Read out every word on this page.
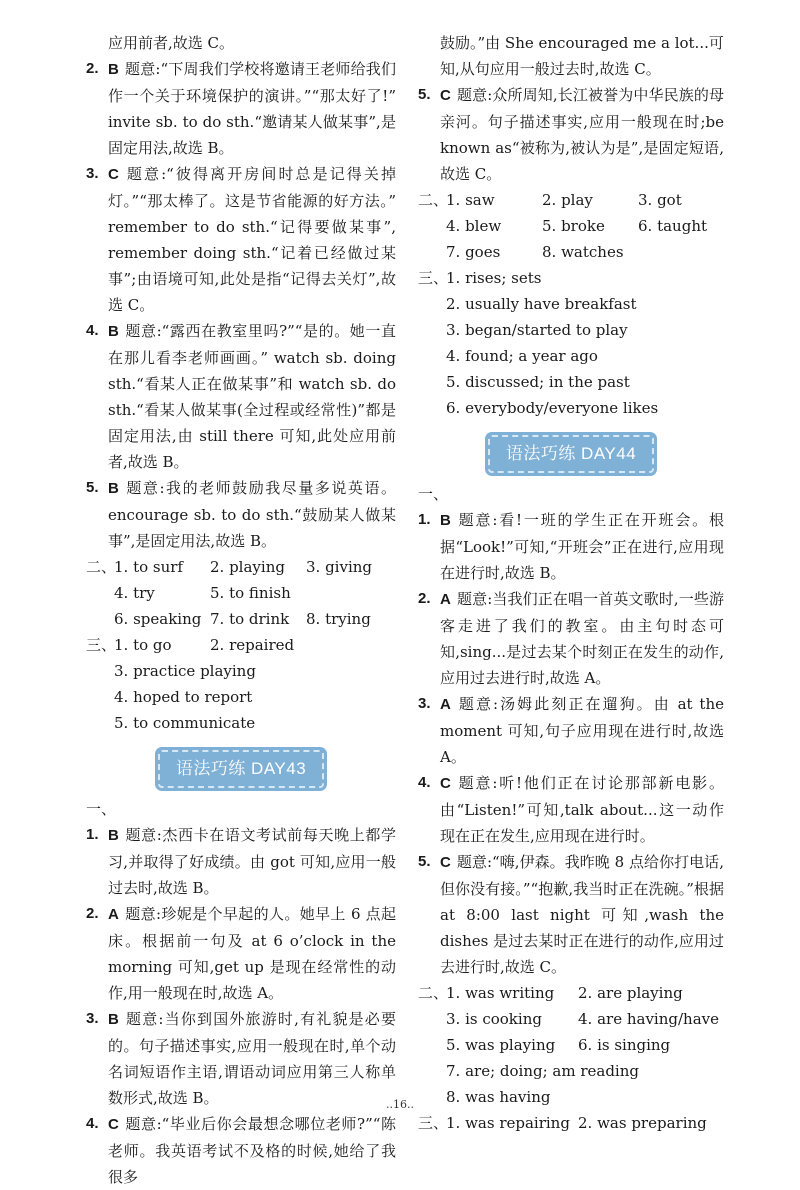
应用前者,故选 C。
2. B 题意:“下周我们学校将邀请王老师给我们作一个关于环境保护的演讲。”“那太好了!” invite sb. to do sth.“邀请某人做某事”,是固定用法,故选 B。
3. C 题意:“彼得离开房间时总是记得关掉灯。”“那太棒了。这是节省能源的好方法。” remember to do sth.“记得要做某事”, remember doing sth.“记着已经做过某事”;由语境可知,此处是指“记得去关灯”,故选 C。
4. B 题意:“露西在教室里吗?”“是的。她一直在那儿看李老师画画。” watch sb. doing sth.“看某人正在做某事”和 watch sb. do sth.“看某人做某事(全过程或经常性)”都是固定用法,由 still there 可知,此处应用前者,故选 B。
5. B 题意:我的老师鼓励我尽量多说英语。encourage sb. to do sth.“鼓励某人做某事”,是固定用法,故选 B。
二、
1. to surf	2. playing	3. giving
4. try	5. to finish
6. speaking 7. to drink	8. trying
三、
1. to go	2. repaired
3. practice playing
4. hoped to report
5. to communicate
语法巧练 DAY43
一、
1. B 题意:杰西卡在语文考试前每天晚上都学习,并取得了好成绩。由 got 可知,应用一般过去时,故选 B。
2. A 题意:珍妮是个早起的人。她早上 6 点起床。根据前一句及 at 6 o’clock in the morning 可知,get up 是现在经常性的动作,用一般现在时,故选 A。
3. B 题意:当你到国外旅游时,有礼貌是必要的。句子描述事实,应用一般现在时,单个动名词短语作主语,谓语动词应用第三人称单数形式,故选 B。
4. C 题意:“毕业后你会最想念哪位老师?”“陈老师。我英语考试不及格的时候,她给了我很多
鼓励。”由 She encouraged me a lot...可知,从句应用一般过去时,故选 C。
5. C 题意:众所周知,长江被誉为中华民族的母亲河。句子描述事实,应用一般现在时;be known as“被称为,被认为是”,是固定短语,故选 C。
二、
1. saw	2. play	3. got
4. blew	5. broke	6. taught
7. goes	8. watches
三、
1. rises; sets
2. usually have breakfast
3. began/started to play
4. found; a year ago
5. discussed; in the past
6. everybody/everyone likes
语法巧练 DAY44
一、
1. B 题意:看!一班的学生正在开班会。根据“Look!”可知,“开班会”正在进行,应用现在进行时,故选 B。
2. A 题意:当我们正在唱一首英文歌时,一些游客走进了我们的教室。由主句时态可知,sing...是过去某个时刻正在发生的动作,应用过去进行时,故选 A。
3. A 题意:汤姆此刻正在遛狗。由 at the moment 可知,句子应用现在进行时,故选 A。
4. C 题意:听!他们正在讨论那部新电影。由“Listen!”可知,talk about...这一动作现在正在发生,应用现在进行时。
5. C 题意:“嗨,伊森。我昨晚 8 点给你打电话,但你没有接。”“抱歉,我当时正在洗碗。”根据 at 8:00 last night 可知,wash the dishes 是过去某时正在进行的动作,应用过去进行时,故选 C。
二、
1. was writing	2. are playing
3. is cooking	4. are having/have
5. was playing	6. is singing
7. are; doing; am reading
8. was having
三、
1. was repairing 2. was preparing
..16..
